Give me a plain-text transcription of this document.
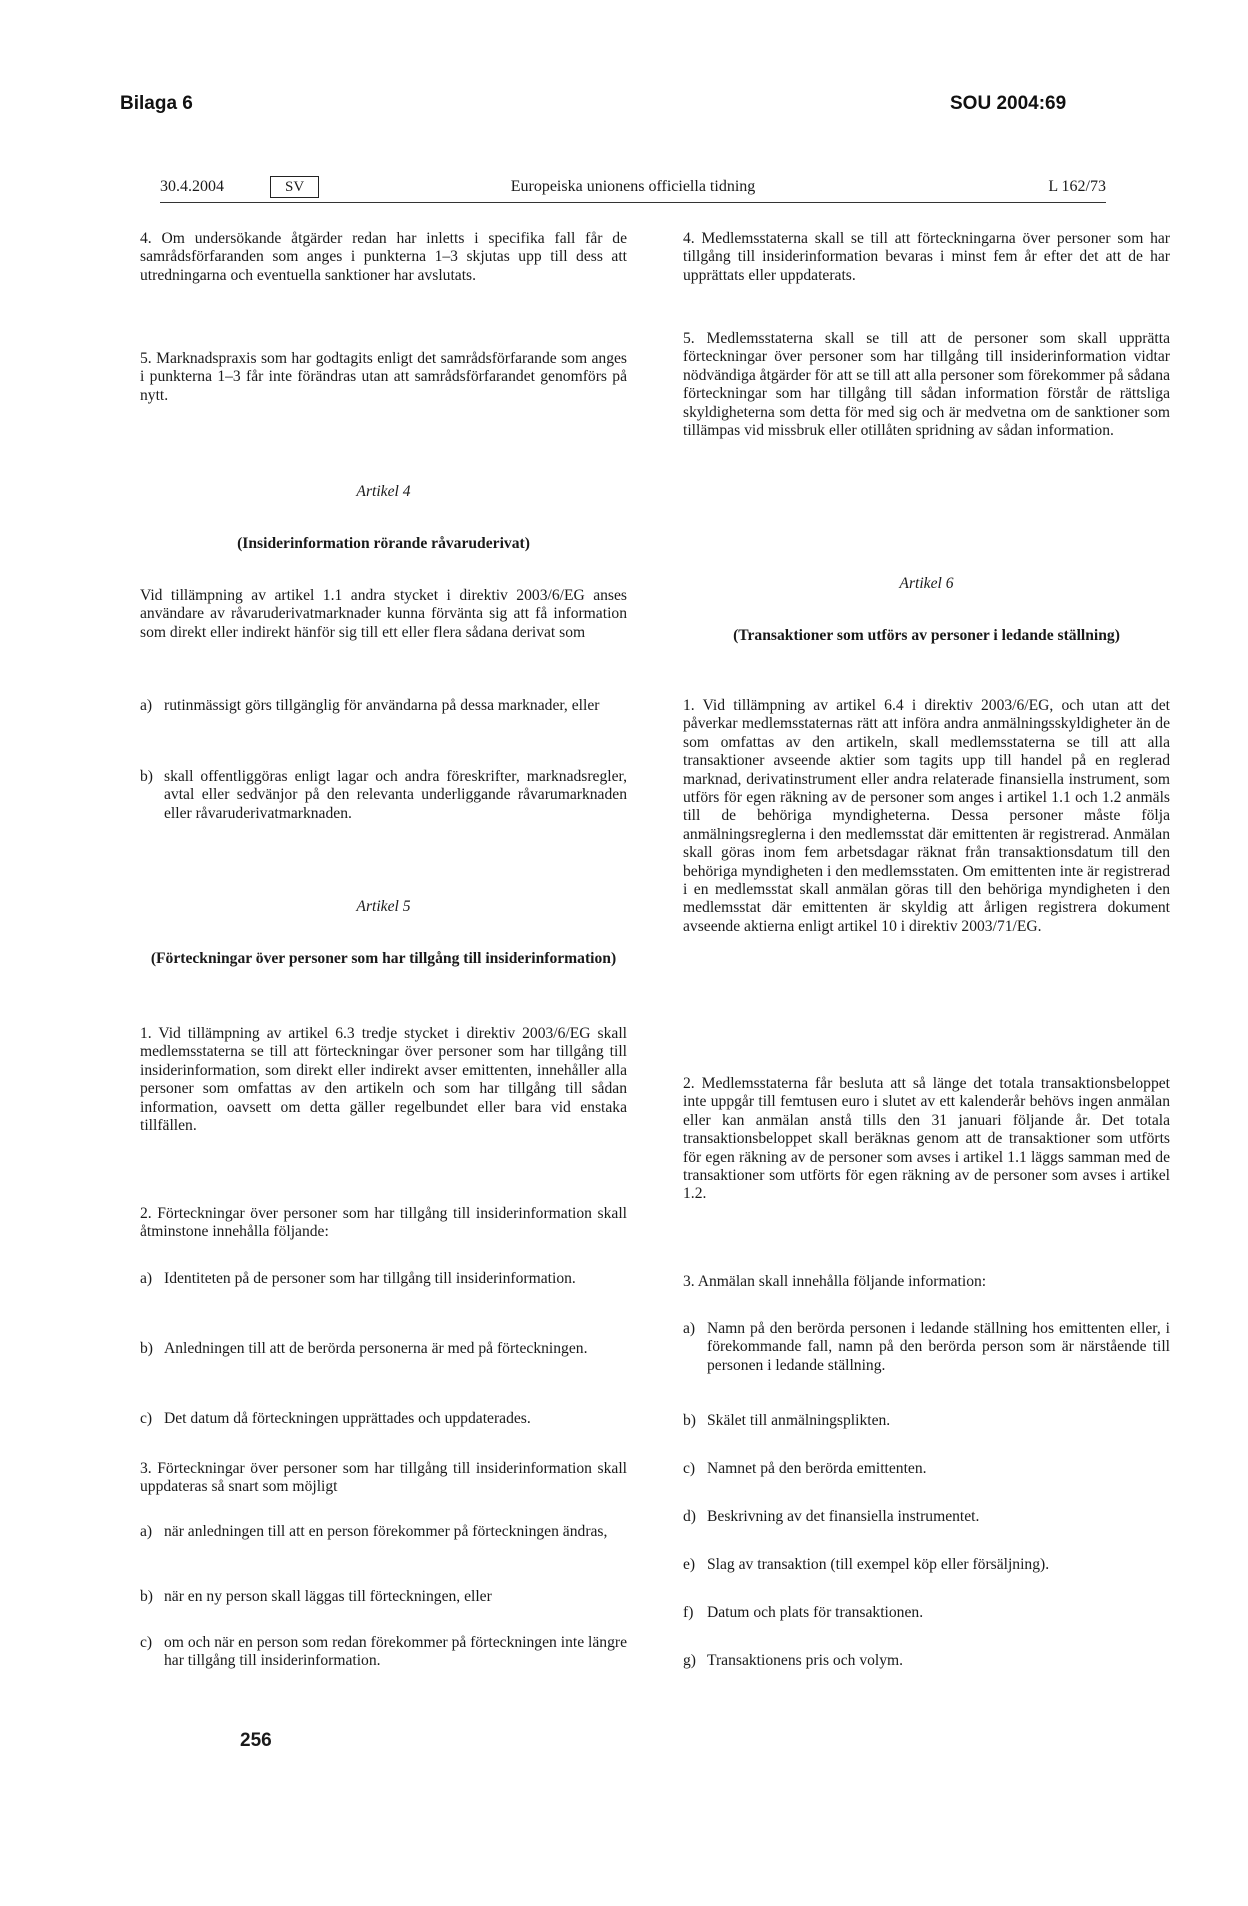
Bilaga 6	SOU 2004:69
30.4.2004	SV	Europeiska unionens officiella tidning	L 162/73

4. Om undersökande åtgärder redan har inletts i specifika fall får de samrådsförfaranden som anges i punkterna 1–3 skjutas upp till dess att utredningarna och eventuella sanktioner har avslutats.

5. Marknadspraxis som har godtagits enligt det samrådsförfarande som anges i punkterna 1–3 får inte förändras utan att samrådsförfarandet genomförs på nytt.

Artikel 4
(Insiderinformation rörande råvaruderivat)

Vid tillämpning av artikel 1.1 andra stycket i direktiv 2003/6/EG anses användare av råvaruderivatmarknader kunna förvänta sig att få information som direkt eller indirekt hänför sig till ett eller flera sådana derivat som

a) rutinmässigt görs tillgänglig för användarna på dessa marknader, eller
b) skall offentliggöras enligt lagar och andra föreskrifter, marknadsregler, avtal eller sedvänjor på den relevanta underliggande råvarumarknaden eller råvaruderivatmarknaden.
Artikel 5
(Förteckningar över personer som har tillgång till insiderinformation)

1. Vid tillämpning av artikel 6.3 tredje stycket i direktiv 2003/6/EG skall medlemsstaterna se till att förteckningar över personer som har tillgång till insiderinformation, som direkt eller indirekt avser emittenten, innehåller alla personer som omfattas av den artikeln och som har tillgång till sådan information, oavsett om detta gäller regelbundet eller bara vid enstaka tillfällen.

2. Förteckningar över personer som har tillgång till insiderinformation skall åtminstone innehålla följande:

a) Identiteten på de personer som har tillgång till insiderinformation.
b) Anledningen till att de berörda personerna är med på förteckningen.
c) Det datum då förteckningen upprättades och uppdaterades.

3. Förteckningar över personer som har tillgång till insiderinformation skall uppdateras så snart som möjligt

a) när anledningen till att en person förekommer på förteckningen ändras,
b) när en ny person skall läggas till förteckningen, eller
c) om och när en person som redan förekommer på förteckningen inte längre har tillgång till insiderinformation.

4. Medlemsstaterna skall se till att förteckningarna över personer som har tillgång till insiderinformation bevaras i minst fem år efter det att de har upprättats eller uppdaterats.

5. Medlemsstaterna skall se till att de personer som skall upprätta förteckningar över personer som har tillgång till insiderinformation vidtar nödvändiga åtgärder för att se till att alla personer som förekommer på sådana förteckningar som har tillgång till sådan information förstår de rättsliga skyldigheterna som detta för med sig och är medvetna om de sanktioner som tillämpas vid missbruk eller otillåten spridning av sådan information.

Artikel 6
(Transaktioner som utförs av personer i ledande ställning)

1. Vid tillämpning av artikel 6.4 i direktiv 2003/6/EG, och utan att det påverkar medlemsstaternas rätt att införa andra anmälningsskyldigheter än de som omfattas av den artikeln, skall medlemsstaterna se till att alla transaktioner avseende aktier som tagits upp till handel på en reglerad marknad, derivatinstrument eller andra relaterade finansiella instrument, som utförs för egen räkning av de personer som anges i artikel 1.1 och 1.2 anmäls till de behöriga myndigheterna. Dessa personer måste följa anmälningsreglerna i den medlemsstat där emittenten är registrerad. Anmälan skall göras inom fem arbetsdagar räknat från transaktionsdatum till den behöriga myndigheten i den medlemsstaten. Om emittenten inte är registrerad i en medlemsstat skall anmälan göras till den behöriga myndigheten i den medlemsstat där emittenten är skyldig att årligen registrera dokument avseende aktierna enligt artikel 10 i direktiv 2003/71/EG.

2. Medlemsstaterna får besluta att så länge det totala transaktionsbeloppet inte uppgår till femtusen euro i slutet av ett kalenderår behövs ingen anmälan eller kan anmälan anstå tills den 31 januari följande år. Det totala transaktionsbeloppet skall beräknas genom att de transaktioner som utförts för egen räkning av de personer som avses i artikel 1.1 läggs samman med de transaktioner som utförts för egen räkning av de personer som avses i artikel 1.2.

3. Anmälan skall innehålla följande information:

a) Namn på den berörda personen i ledande ställning hos emittenten eller, i förekommande fall, namn på den berörda person som är närstående till personen i ledande ställning.
b) Skälet till anmälningsplikten.
c) Namnet på den berörda emittenten.
d) Beskrivning av det finansiella instrumentet.
e) Slag av transaktion (till exempel köp eller försäljning).
f) Datum och plats för transaktionen.
g) Transaktionens pris och volym.
256
